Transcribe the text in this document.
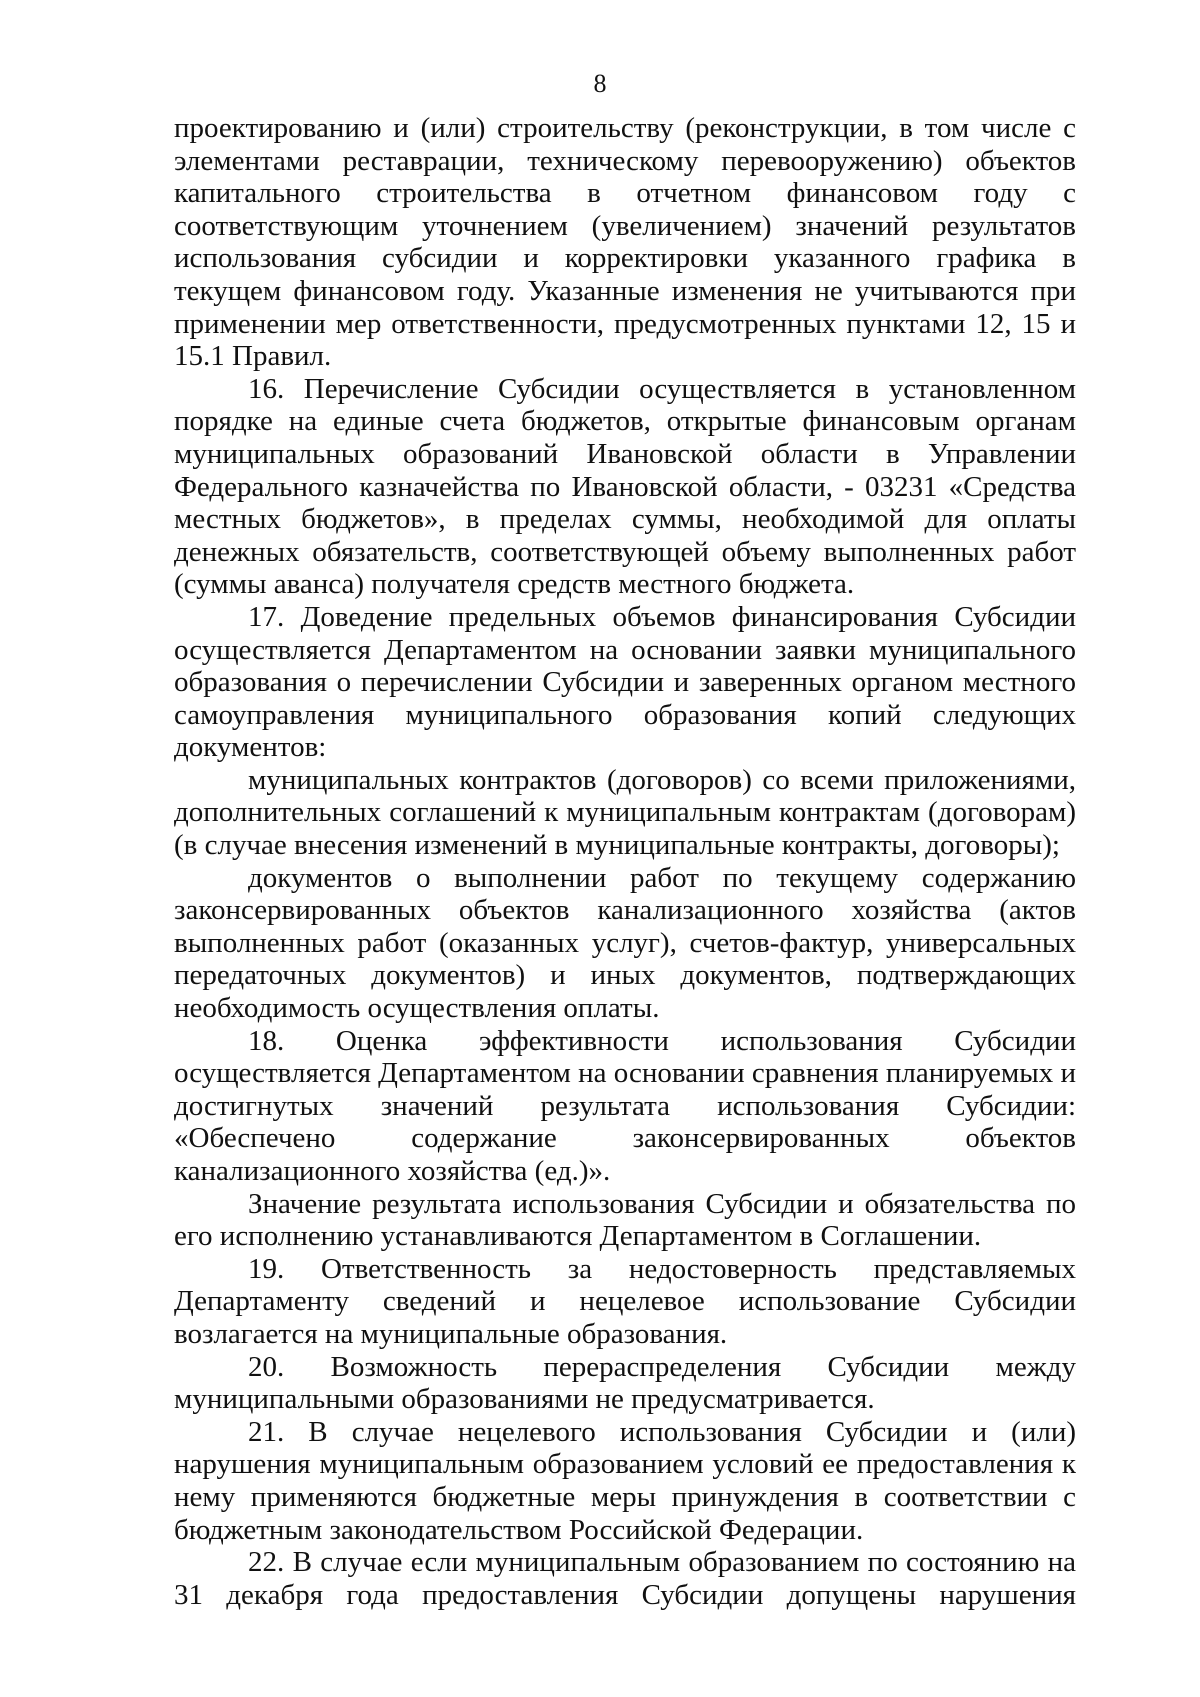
8

проектированию и (или) строительству (реконструкции, в том числе с элементами реставрации, техническому перевооружению) объектов капитального строительства в отчетном финансовом году с соответствующим уточнением (увеличением) значений результатов использования субсидии и корректировки указанного графика в текущем финансовом году. Указанные изменения не учитываются при применении мер ответственности, предусмотренных пунктами 12, 15 и 15.1 Правил.

16. Перечисление Субсидии осуществляется в установленном порядке на единые счета бюджетов, открытые финансовым органам муниципальных образований Ивановской области в Управлении Федерального казначейства по Ивановской области, - 03231 «Средства местных бюджетов», в пределах суммы, необходимой для оплаты денежных обязательств, соответствующей объему выполненных работ (суммы аванса) получателя средств местного бюджета.

17. Доведение предельных объемов финансирования Субсидии осуществляется Департаментом на основании заявки муниципального образования о перечислении Субсидии и заверенных органом местного самоуправления муниципального образования копий следующих документов:

муниципальных контрактов (договоров) со всеми приложениями, дополнительных соглашений к муниципальным контрактам (договорам) (в случае внесения изменений в муниципальные контракты, договоры);

документов о выполнении работ по текущему содержанию законсервированных объектов канализационного хозяйства (актов выполненных работ (оказанных услуг), счетов-фактур, универсальных передаточных документов) и иных документов, подтверждающих необходимость осуществления оплаты.

18. Оценка эффективности использования Субсидии осуществляется Департаментом на основании сравнения планируемых и достигнутых значений результата использования Субсидии: «Обеспечено содержание законсервированных объектов канализационного хозяйства (ед.)».

Значение результата использования Субсидии и обязательства по его исполнению устанавливаются Департаментом в Соглашении.

19. Ответственность за недостоверность представляемых Департаменту сведений и нецелевое использование Субсидии возлагается на муниципальные образования.

20. Возможность перераспределения Субсидии между муниципальными образованиями не предусматривается.

21. В случае нецелевого использования Субсидии и (или) нарушения муниципальным образованием условий ее предоставления к нему применяются бюджетные меры принуждения в соответствии с бюджетным законодательством Российской Федерации.

22. В случае если муниципальным образованием по состоянию на 31 декабря года предоставления Субсидии допущены нарушения
